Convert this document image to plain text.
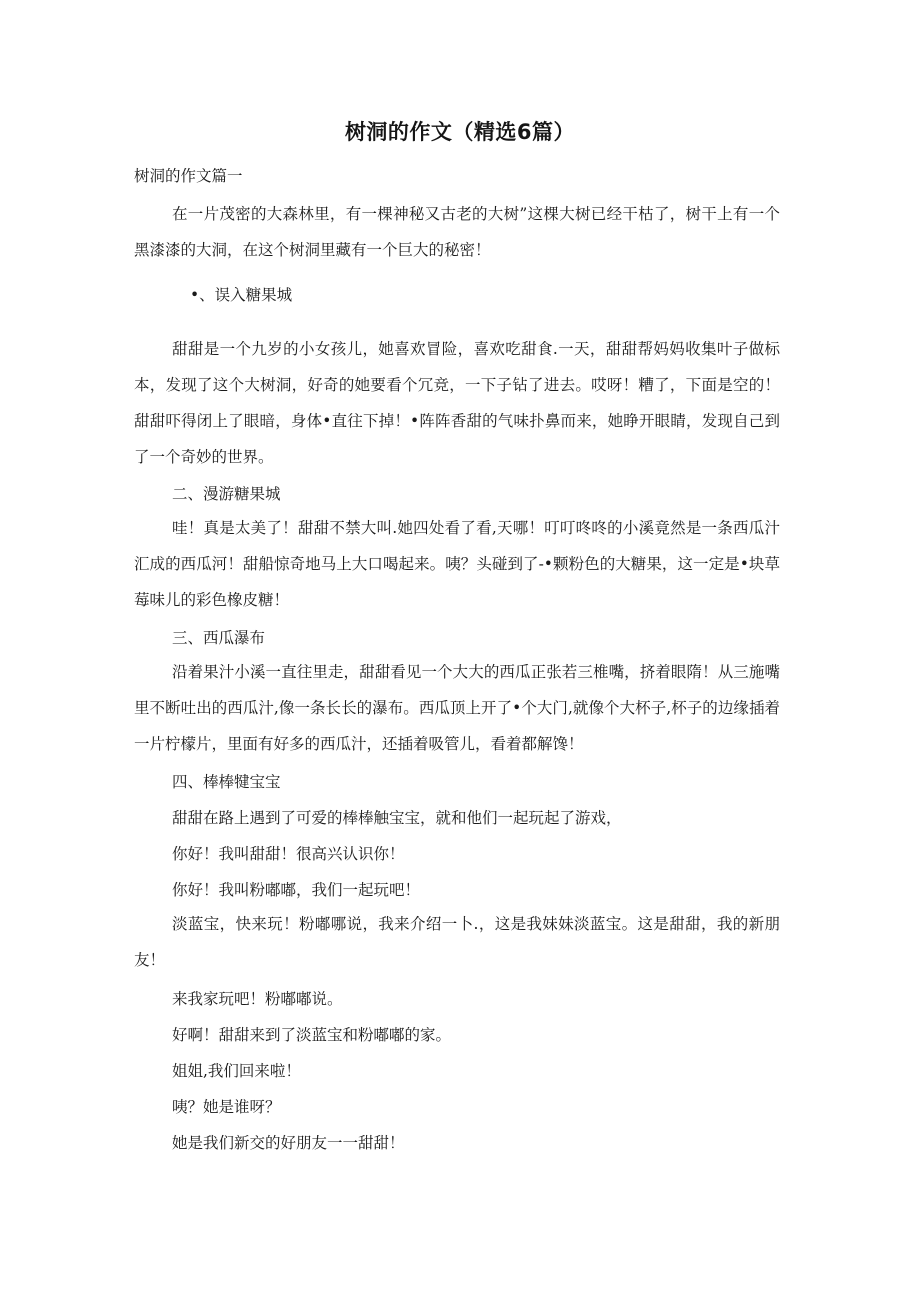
树洞的作文（精选6篇）
树洞的作文篇一

在一片茂密的大森林里，有一棵神秘又古老的大树”这棵大树已经干枯了，树干上有一个黑漆漆的大洞，在这个树洞里藏有一个巨大的秘密！

•、误入糖果城

甜甜是一个九岁的小女孩儿，她喜欢冒险，喜欢吃甜食.一天，甜甜帮妈妈收集叶子做标本，发现了这个大树洞，好奇的她要看个冗竞，一下子钻了进去。哎呀！糟了，下面是空的！甜甜吓得闭上了眼暗，身体•直往下掉！•阵阵香甜的气味扑鼻而来，她睁开眼睛，发现自己到了一个奇妙的世界。

二、漫游糖果城

哇！真是太美了！甜甜不禁大叫.她四处看了看,天哪！叮叮咚咚的小溪竟然是一条西瓜汁汇成的西瓜河！甜船惊奇地马上大口喝起来。咦？头碰到了-•颗粉色的大糖果，这一定是•块草莓味儿的彩色橡皮糖！

三、西瓜瀑布

沿着果汁小溪一直往里走，甜甜看见一个大大的西瓜正张若三椎嘴，挤着眼隋！从三施嘴里不断吐出的西瓜汁,像一条长长的瀑布。西瓜顶上开了•个大门,就像个大杯子,杯子的边缘插着一片柠檬片，里面有好多的西瓜汁，还插着吸管儿，看着都解馋！

四、棒棒犍宝宝
甜甜在路上遇到了可爱的棒棒触宝宝，就和他们一起玩起了游戏，
你好！我叫甜甜！很高兴认识你！
你好！我叫粉嘟嘟，我们一起玩吧！

淡蓝宝，快来玩！粉嘟哪说，我来介绍一卜.，这是我妹妹淡蓝宝。这是甜甜，我的新朋友！

来我家玩吧！粉嘟嘟说。
好啊！甜甜来到了淡蓝宝和粉嘟嘟的家。
姐姐,我们回来啦！
咦？她是谁呀？
她是我们新交的好朋友一一甜甜！
